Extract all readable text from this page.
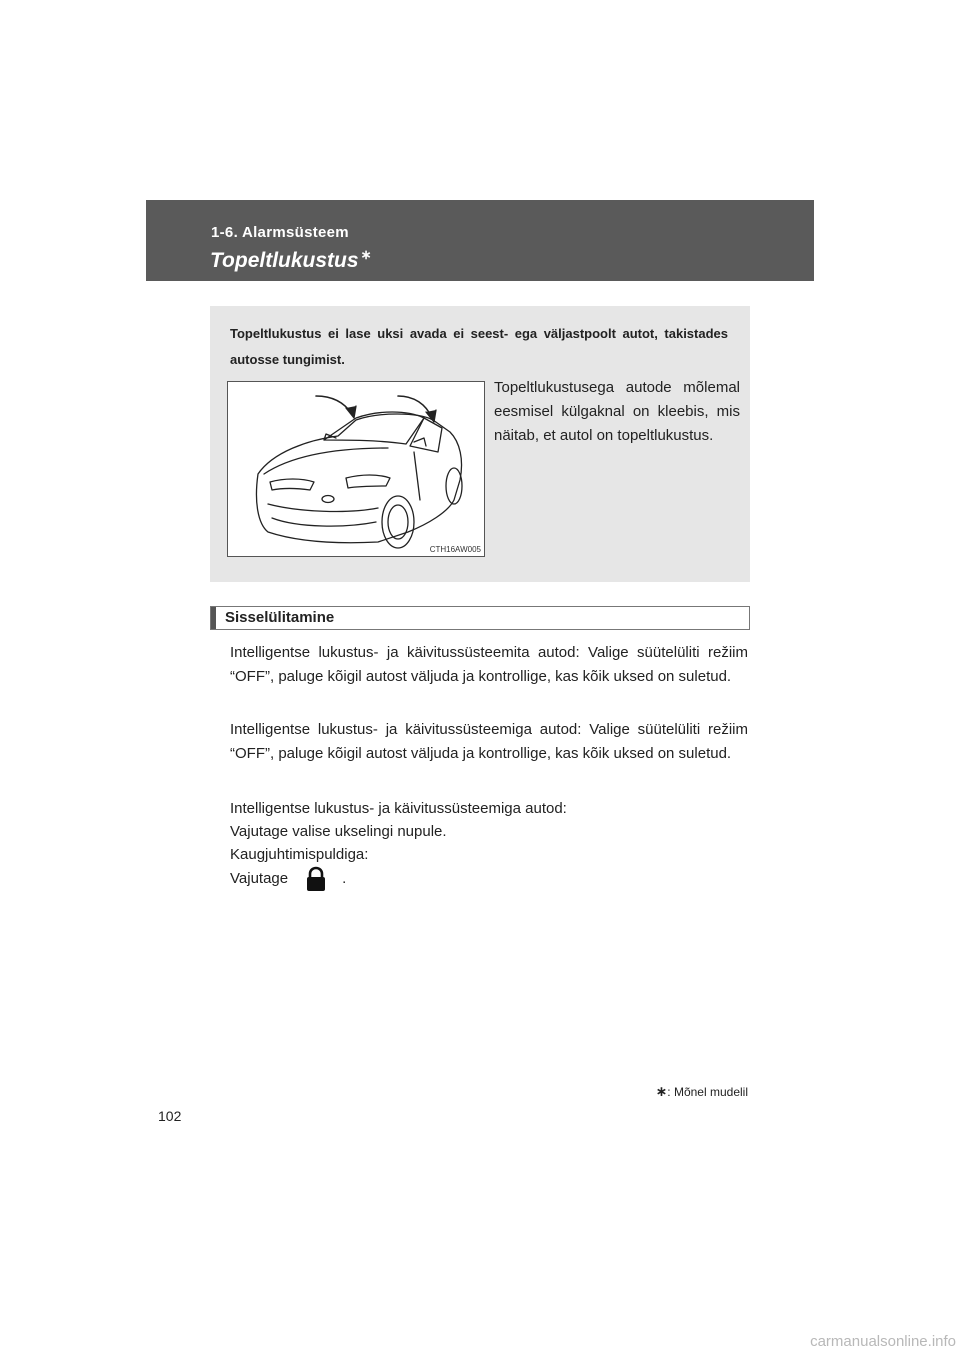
1-6. Alarmsüsteem
Topeltlukustus ∗
Topeltlukustus ei lase uksi avada ei seest- ega väljastpoolt autot, takistades autosse tungimist.
CTH16AW005
Topeltlukustusega autode mõlemal eesmisel külgaknal on kleebis, mis näitab, et autol on topeltlukustus.
Sisselülitamine
Intelligentse lukustus- ja käivitussüsteemita autod: Valige süütelüliti režiim “OFF”, paluge kõigil autost väljuda ja kontrollige, kas kõik uksed on suletud.
Intelligentse lukustus- ja käivitussüsteemiga autod: Valige süütelüliti režiim “OFF”, paluge kõigil autost väljuda ja kontrollige, kas kõik uksed on suletud.
Intelligentse lukustus- ja käivitussüsteemiga autod:
Vajutage valise ukselingi nupule.
Kaugjuhtimispuldiga:
Vajutage	.
∗: Mõnel mudelil
102
carmanualsonline.info
